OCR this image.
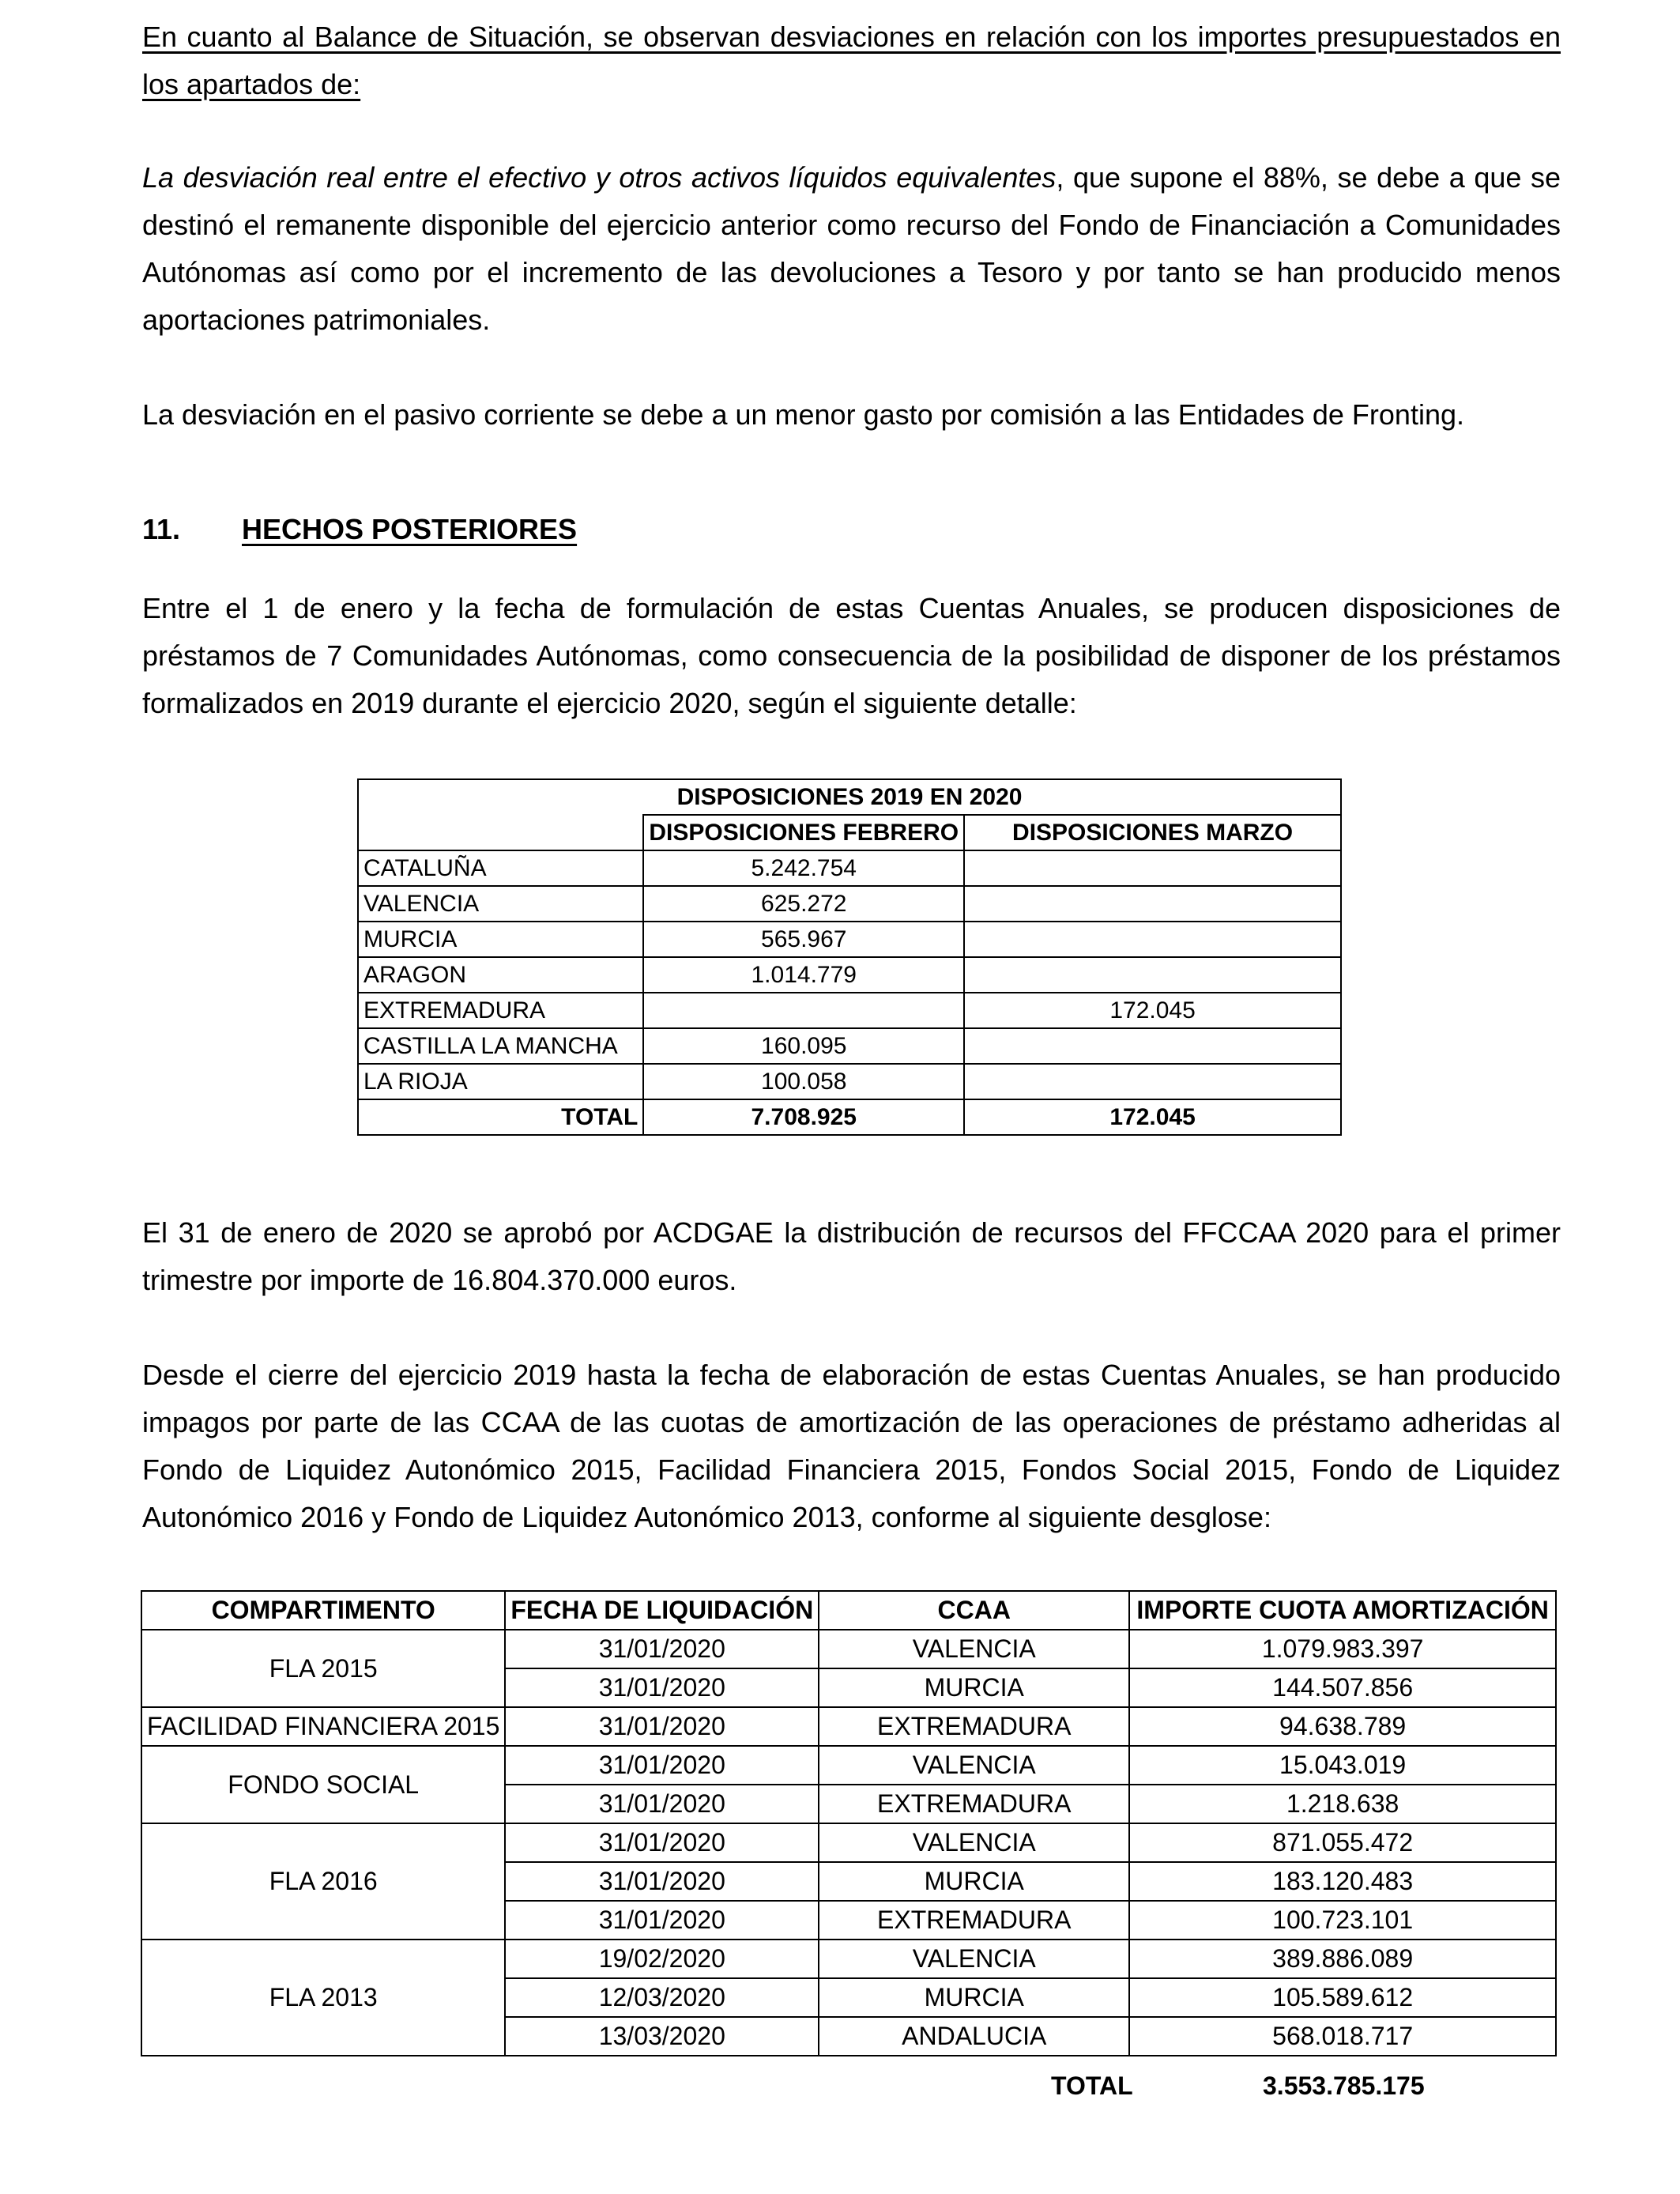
En cuanto al Balance de Situación, se observan desviaciones en relación con los importes presupuestados en los apartados de:

La desviación real entre el efectivo y otros activos líquidos equivalentes, que supone el 88%, se debe a que se destinó el remanente disponible del ejercicio anterior como recurso del Fondo de Financiación a Comunidades Autónomas así como por el incremento de las devoluciones a Tesoro y por tanto se han producido menos aportaciones patrimoniales.

La desviación en el pasivo corriente se debe a un menor gasto por comisión a las Entidades de Fronting.

11. HECHOS POSTERIORES

Entre el 1 de enero y la fecha de formulación de estas Cuentas Anuales, se producen disposiciones de préstamos de 7 Comunidades Autónomas, como consecuencia de la posibilidad de disponer de los préstamos formalizados en 2019 durante el ejercicio 2020, según el siguiente detalle:

DISPOSICIONES 2019 EN 2020		
	DISPOSICIONES FEBRERO	DISPOSICIONES MARZO
CATALUÑA	5.242.754	
VALENCIA	625.272	
MURCIA	565.967	
ARAGON	1.014.779	
EXTREMADURA		172.045
CASTILLA LA MANCHA	160.095	
LA RIOJA	100.058	
TOTAL	7.708.925	172.045

El 31 de enero de 2020 se aprobó por ACDGAE la distribución de recursos del FFCCAA 2020 para el primer trimestre por importe de 16.804.370.000 euros.

Desde el cierre del ejercicio 2019 hasta la fecha de elaboración de estas Cuentas Anuales, se han producido impagos por parte de las CCAA de las cuotas de amortización de las operaciones de préstamo adheridas al Fondo de Liquidez Autonómico 2015, Facilidad Financiera 2015, Fondos Social 2015, Fondo de Liquidez Autonómico 2016 y Fondo de Liquidez Autonómico 2013, conforme al siguiente desglose:

COMPARTIMENTO	FECHA DE LIQUIDACIÓN	CCAA	IMPORTE CUOTA AMORTIZACIÓN
FLA 2015	31/01/2020	VALENCIA	1.079.983.397
	31/01/2020	MURCIA	144.507.856
FACILIDAD FINANCIERA 2015	31/01/2020	EXTREMADURA	94.638.789
FONDO SOCIAL	31/01/2020	VALENCIA	15.043.019
	31/01/2020	EXTREMADURA	1.218.638
FLA 2016	31/01/2020	VALENCIA	871.055.472
	31/01/2020	MURCIA	183.120.483
	31/01/2020	EXTREMADURA	100.723.101
FLA 2013	19/02/2020	VALENCIA	389.886.089
	12/03/2020	MURCIA	105.589.612
	13/03/2020	ANDALUCIA	568.018.717
TOTAL	3.553.785.175
